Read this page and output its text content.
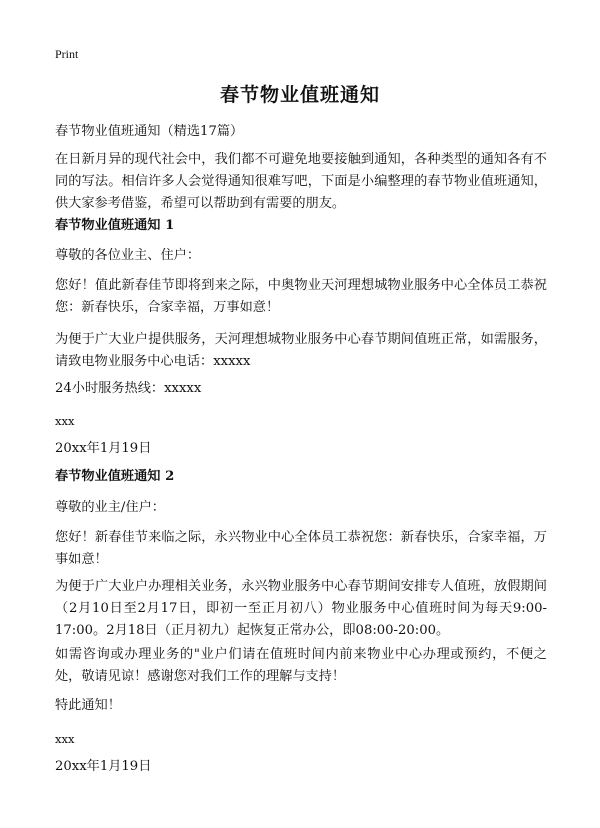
Print
春节物业值班通知
春节物业值班通知（精选17篇）
在日新月异的现代社会中，我们都不可避免地要接触到通知，各种类型的通知各有不同的写法。相信许多人会觉得通知很难写吧，下面是小编整理的春节物业值班通知，供大家参考借鉴，希望可以帮助到有需要的朋友。
春节物业值班通知 1
尊敬的各位业主、住户：
您好！值此新春佳节即将到来之际，中奥物业天河理想城物业服务中心全体员工恭祝您：新春快乐，合家幸福，万事如意！
为便于广大业户提供服务，天河理想城物业服务中心春节期间值班正常，如需服务，请致电物业服务中心电话：xxxxx
24小时服务热线：xxxxx
xxx
20xx年1月19日
春节物业值班通知 2
尊敬的业主/住户：
您好！新春佳节来临之际，永兴物业中心全体员工恭祝您：新春快乐，合家幸福，万事如意！
为便于广大业户办理相关业务，永兴物业服务中心春节期间安排专人值班，放假期间（2月10日至2月17日，即初一至正月初八）物业服务中心值班时间为每天9:00-17:00。2月18日（正月初九）起恢复正常办公，即08:00-20:00。
如需咨询或办理业务的"业户们请在值班时间内前来物业中心办理或预约，不便之处，敬请见谅！感谢您对我们工作的理解与支持！
特此通知！
xxx
20xx年1月19日
